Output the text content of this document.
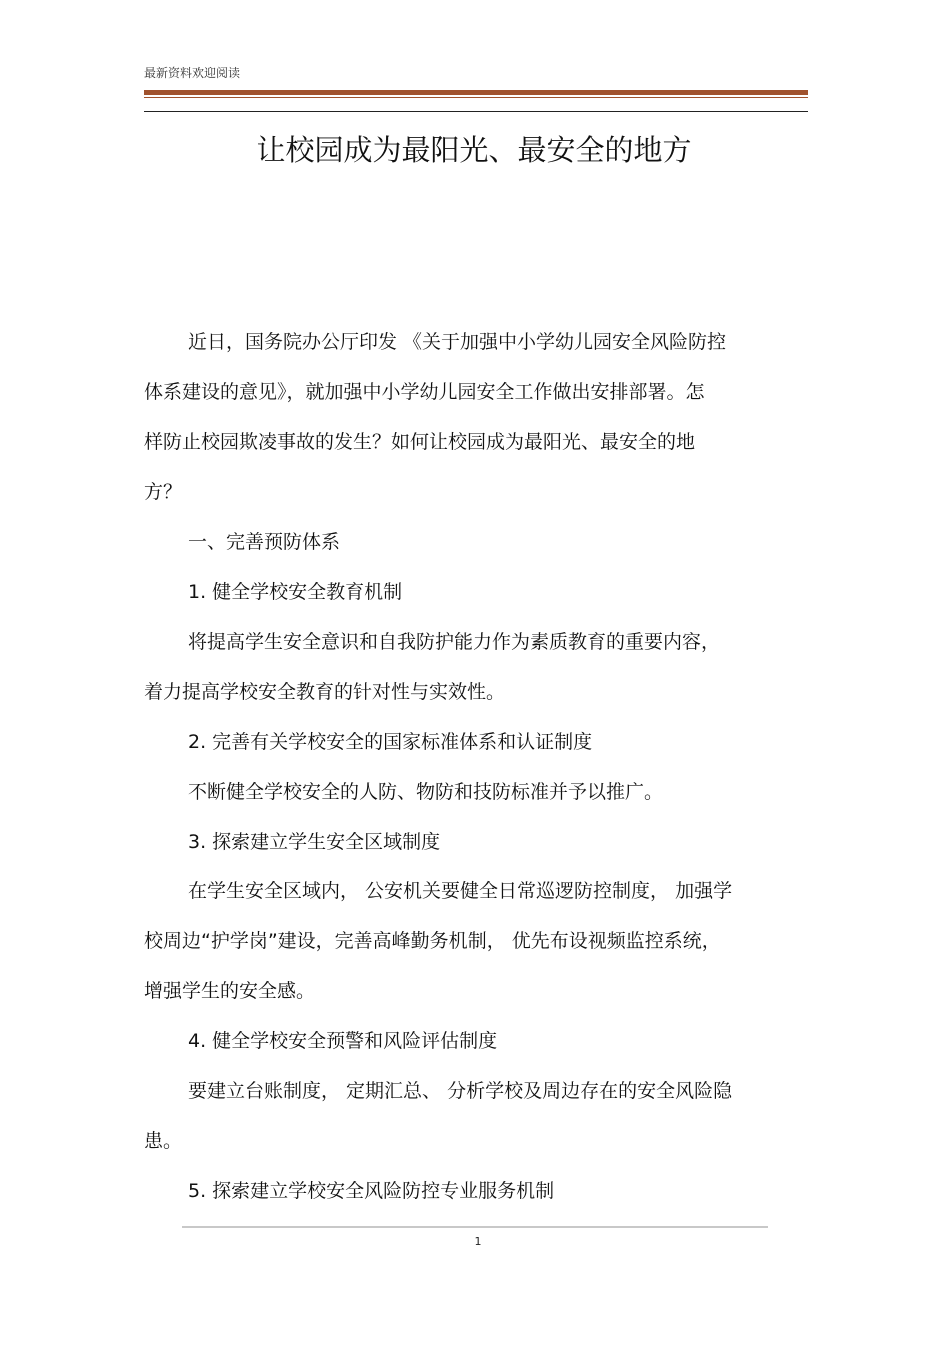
最新资料欢迎阅读
让校园成为最阳光、最安全的地方
近日，国务院办公厅印发 《关于加强中小学幼儿园安全风险防控
体系建设的意见》，就加强中小学幼儿园安全工作做出安排部署。怎
样防止校园欺凌事故的发生？如何让校园成为最阳光、最安全的地
方？
一、完善预防体系
1. 健全学校安全教育机制
将提高学生安全意识和自我防护能力作为素质教育的重要内容，
着力提高学校安全教育的针对性与实效性。
2. 完善有关学校安全的国家标准体系和认证制度
不断健全学校安全的人防、物防和技防标准并予以推广。
3. 探索建立学生安全区域制度
在学生安全区域内， 公安机关要健全日常巡逻防控制度， 加强学
校周边“护学岗”建设，完善高峰勤务机制， 优先布设视频监控系统，
增强学生的安全感。
4. 健全学校安全预警和风险评估制度
要建立台账制度， 定期汇总、 分析学校及周边存在的安全风险隐
患。
5. 探索建立学校安全风险防控专业服务机制
1
